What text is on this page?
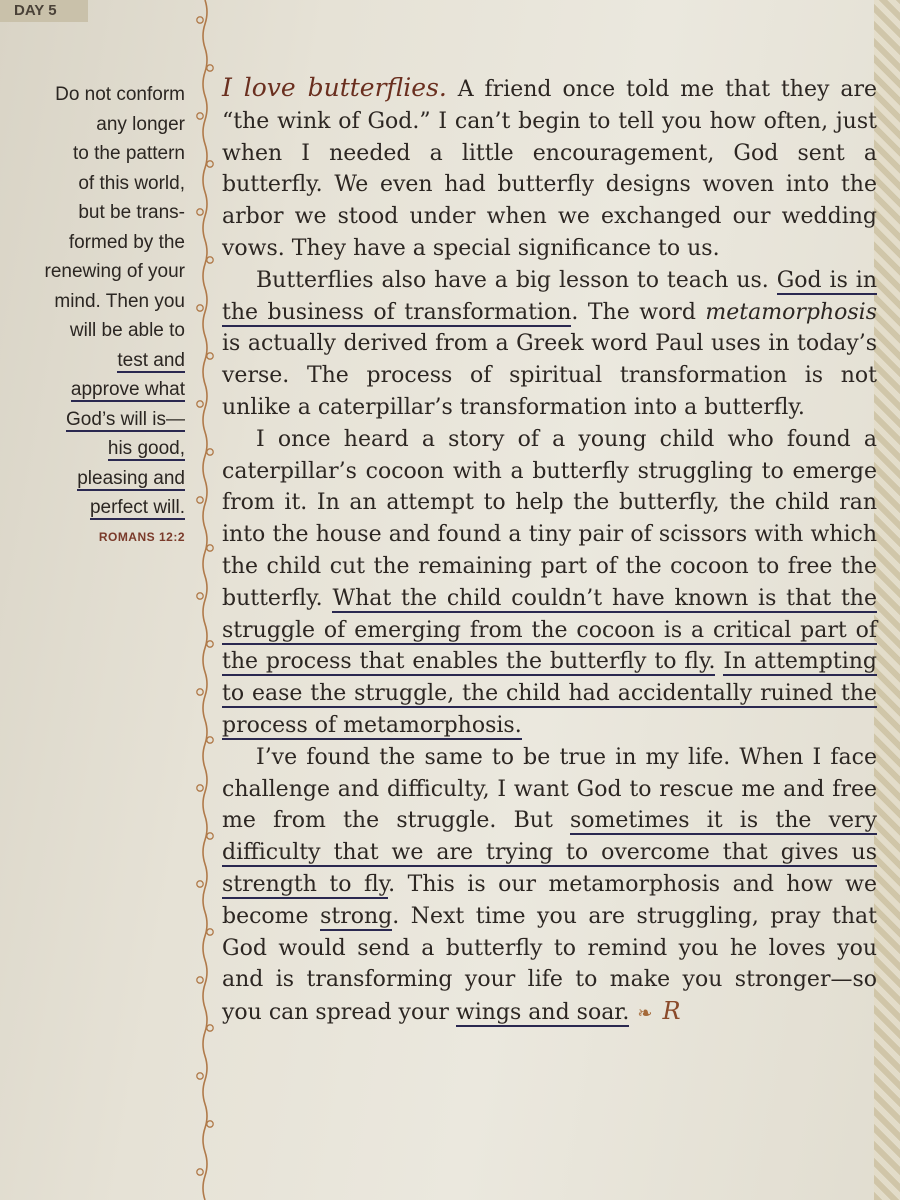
DAY 5
Do not conform
any longer
to the pattern
of this world,
but be trans-
formed by the
renewing of your
mind. Then you
will be able to
test and
approve what
God’s will is—
his good,
pleasing and
perfect will.
ROMANS 12:2

I love butterflies. A friend once told me that they are “the wink of God.” I can’t begin to tell you how often, just when I needed a little encouragement, God sent a butterfly. We even had butterfly designs woven into the arbor we stood under when we exchanged our wedding vows. They have a special significance to us.

Butterflies also have a big lesson to teach us. God is in the business of transformation. The word metamorphosis is actually derived from a Greek word Paul uses in today’s verse. The process of spiritual transformation is not unlike a caterpillar’s transformation into a butterfly.

I once heard a story of a young child who found a caterpillar’s cocoon with a butterfly struggling to emerge from it. In an attempt to help the butterfly, the child ran into the house and found a tiny pair of scissors with which the child cut the remaining part of the cocoon to free the butterfly. What the child couldn’t have known is that the struggle of emerging from the cocoon is a critical part of the process that enables the butterfly to fly. In attempting to ease the struggle, the child had accidentally ruined the process of metamorphosis.

I’ve found the same to be true in my life. When I face challenge and difficulty, I want God to rescue me and free me from the struggle. But sometimes it is the very difficulty that we are trying to overcome that gives us strength to fly. This is our metamorphosis and how we become strong. Next time you are struggling, pray that God would send a butterfly to remind you he loves you and is transforming your life to make you stronger—so you can spread your wings and soar. ❧ R
